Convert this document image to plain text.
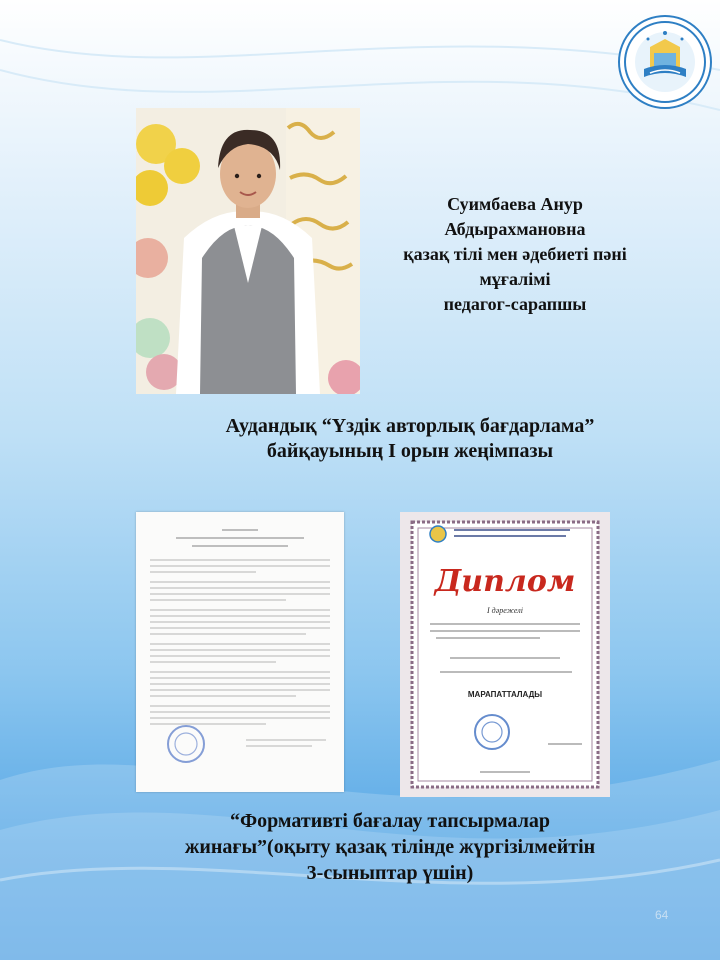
Суимбаева Анур
Абдырахмановна
қазақ тілі мен әдебиеті пәні
мұғалімі
педагог-сарапшы
Аудандық “Үздік авторлық бағдарлама”
байқауының І орын жеңімпазы
Диплом
I дәрежелі
МАРАПАТТАЛАДЫ
“Формативті бағалау тапсырмалар
жинағы”(оқыту қазақ тілінде жүргізілмейтін
3-сыныптар үшін)
64
